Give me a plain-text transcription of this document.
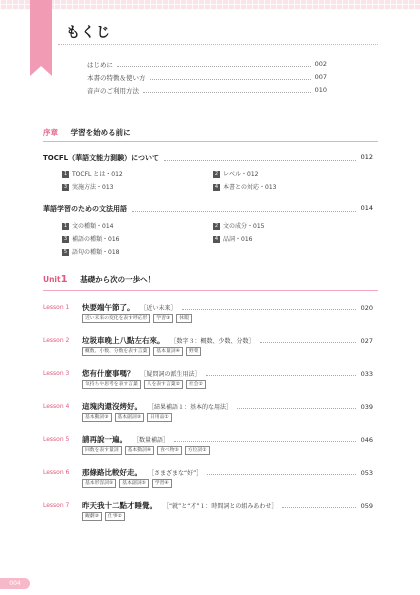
もくじ
はじめに	002
本書の特徴＆使い方	007
音声のご利用方法	010
序章 学習を始める前に
TOCFL（華語文能力測験）について	012
1 TOCFL とは・012	2 レベル・012
3 実施方法・013	4 本書との対応・013
華語学習のための文法用語	014
1 文の種類・014	2 文の成分・015
3 補語の種類・016	4 品詞・016
5 語句の種類・018
Unit1 基礎から次の一歩へ！
Lesson 1 快要端午節了。 ［近い未来］	020
近い未来の変化を表す呼応形	学習③	休暇
Lesson 2 垃圾車晚上八點左右來。 ［数字３：概数、少数、分数］	027
概数、小数、分数を表す言葉	基本量詞④	野菜
Lesson 3 您有什麼事嗎？ ［疑問詞の派生用法］	033
気持ちや思考を表す言葉	人を表す言葉②	社会②
Lesson 4 這塊肉還沒烤好。 ［結果補語１：基本的な用法］	039
基本動詞③	基本副詞③	日用品①
Lesson 5 請再說一遍。 ［数量補語］	046
回数を表す量詞	基本動詞④	食べ物⑤	方位詞①
Lesson 6 那條路比較好走。 ［さまざまな“好”］	053
基本形容詞⑤	基本副詞⑤	学習④
Lesson 7 昨天我十二點才睡覺。 ［“就”と“才”１：時間詞との組みあわせ］	059
観劇③	仕事②
004
